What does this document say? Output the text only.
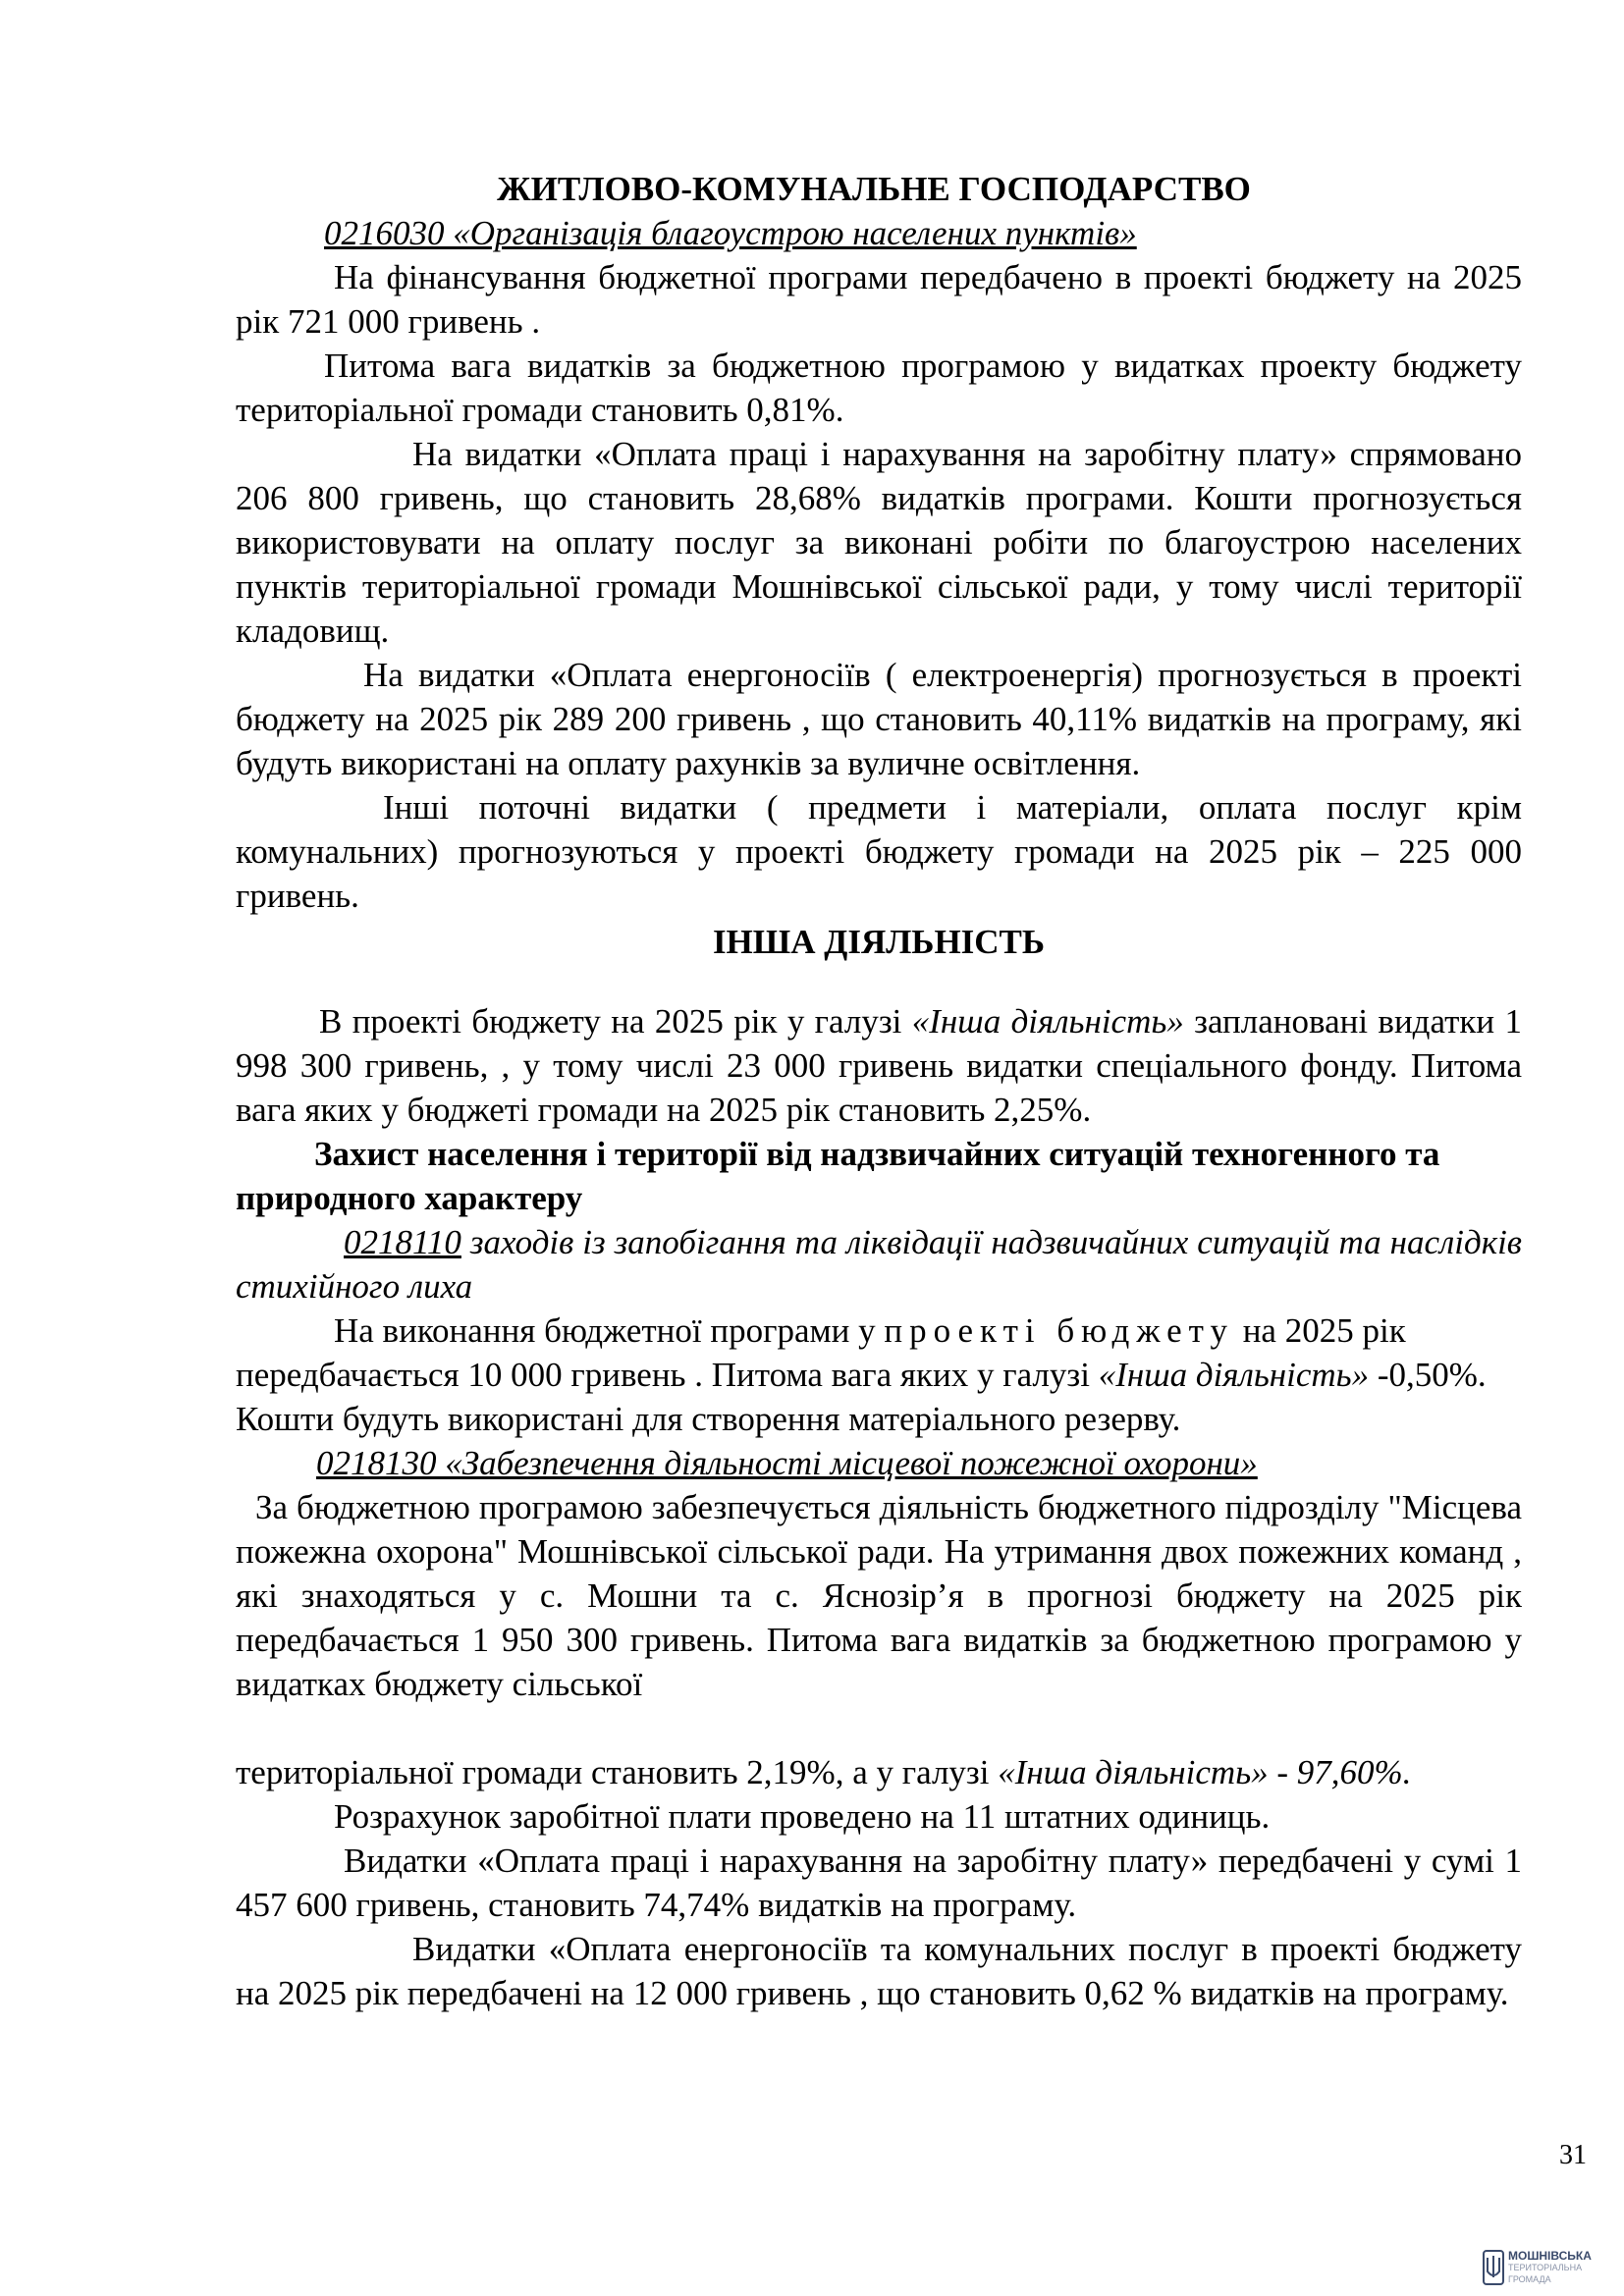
ЖИТЛОВО-КОМУНАЛЬНЕ ГОСПОДАРСТВО

0216030 «Організація благоустрою населених пунктів»

На фінансування бюджетної програми передбачено в проекті бюджету на 2025 рік 721 000 гривень .

Питома вага видатків за бюджетною програмою у видатках проекту бюджету територіальної громади становить 0,81%.

На видатки «Оплата праці і нарахування на заробітну плату» спрямовано 206 800 гривень, що становить 28,68% видатків програми. Кошти прогнозується використовувати на оплату послуг за виконані робіти по благоустрою населених пунктів територіальної громади Мошнівської сільської ради, у тому числі території кладовищ.

На видатки «Оплата енергоносіїв ( електроенергія) прогнозується в проекті бюджету на 2025 рік 289 200 гривень , що становить 40,11% видатків на програму, які будуть використані на оплату рахунків за вуличне освітлення.

Інші поточні видатки ( предмети і матеріали, оплата послуг крім комунальних) прогнозуються у проекті бюджету громади на 2025 рік – 225 000 гривень.

ІНША ДІЯЛЬНІСТЬ

В проекті бюджету на 2025 рік у галузі «Інша діяльність» заплановані видатки 1 998 300 гривень, , у тому числі 23 000 гривень видатки спеціального фонду. Питома вага яких у бюджеті громади на 2025 рік становить 2,25%.

Захист населення і території від надзвичайних ситуацій техногенного та природного характеру

0218110 заходів із запобігання та ліквідації надзвичайних ситуацій та наслідків стихійного лиха

На виконання бюджетної програми у проекті бюджету на 2025 рік передбачається 10 000 гривень . Питома вага яких у галузі «Інша діяльність» -0,50%. Кошти будуть використані для створення матеріального резерву.

0218130 «Забезпечення діяльності місцевої пожежної охорони»

За бюджетною програмою забезпечується діяльність бюджетного підрозділу "Місцева пожежна охорона" Мошнівської сільської ради. На утримання двох пожежних команд , які знаходяться у с. Мошни та с. Яснозір’я в прогнозі бюджету на 2025 рік передбачається 1 950 300 гривень. Питома вага видатків за бюджетною програмою у видатках бюджету сільської

територіальної громади становить 2,19%, а у галузі «Інша діяльність» - 97,60%.

Розрахунок заробітної плати проведено на 11 штатних одиниць.

Видатки «Оплата праці і нарахування на заробітну плату» передбачені у сумі 1 457 600 гривень, становить 74,74% видатків на програму.

Видатки «Оплата енергоносіїв та комунальних послуг в проекті бюджету на 2025 рік передбачені на 12 000 гривень , що становить 0,62 % видатків на програму.

31
МОШНІВСЬКА
ТЕРИТОРІАЛЬНА
ГРОМАДА
